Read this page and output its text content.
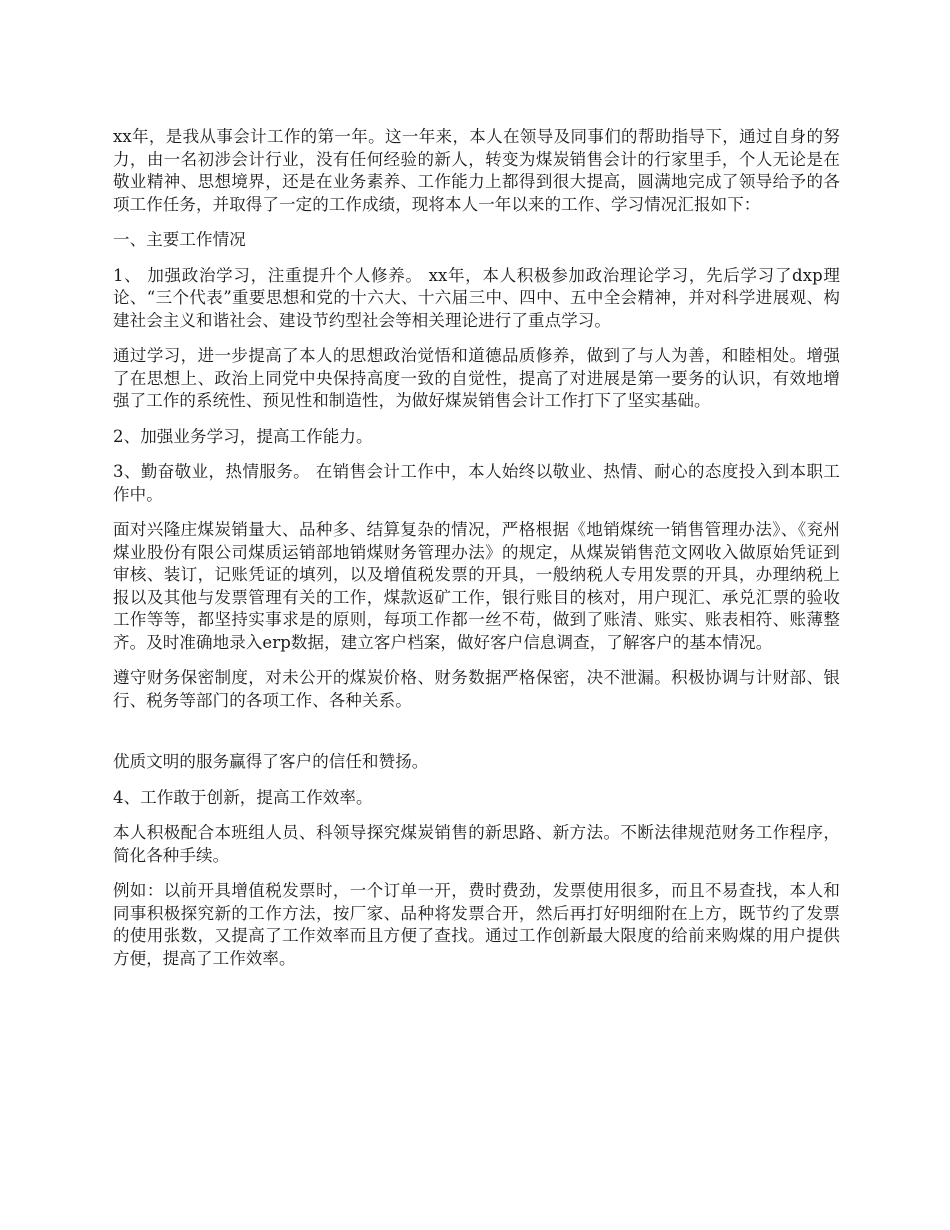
xx年，是我从事会计工作的第一年。这一年来，本人在领导及同事们的帮助指导下，通过自身的努力，由一名初涉会计行业，没有任何经验的新人，转变为煤炭销售会计的行家里手，个人无论是在敬业精神、思想境界，还是在业务素养、工作能力上都得到很大提高，圆满地完成了领导给予的各项工作任务，并取得了一定的工作成绩，现将本人一年以来的工作、学习情况汇报如下：

一、主要工作情况

1、 加强政治学习，注重提升个人修养。 xx年，本人积极参加政治理论学习，先后学习了dxp理论、“三个代表”重要思想和党的十六大、十六届三中、四中、五中全会精神，并对科学进展观、构建社会主义和谐社会、建设节约型社会等相关理论进行了重点学习。

通过学习，进一步提高了本人的思想政治觉悟和道德品质修养，做到了与人为善，和睦相处。增强了在思想上、政治上同党中央保持高度一致的自觉性，提高了对进展是第一要务的认识，有效地增强了工作的系统性、预见性和制造性，为做好煤炭销售会计工作打下了坚实基础。

2、加强业务学习，提高工作能力。

3、勤奋敬业，热情服务。 在销售会计工作中，本人始终以敬业、热情、耐心的态度投入到本职工作中。

面对兴隆庄煤炭销量大、品种多、结算复杂的情况，严格根据《地销煤统一销售管理办法》、《兖州煤业股份有限公司煤质运销部地销煤财务管理办法》的规定，从煤炭销售范文网收入做原始凭证到审核、装订，记账凭证的填列，以及增值税发票的开具，一般纳税人专用发票的开具，办理纳税上报以及其他与发票管理有关的工作，煤款返矿工作，银行账目的核对，用户现汇、承兑汇票的验收工作等等，都坚持实事求是的原则，每项工作都一丝不苟，做到了账清、账实、账表相符、账薄整齐。及时准确地录入erp数据，建立客户档案，做好客户信息调查，了解客户的基本情况。

遵守财务保密制度，对未公开的煤炭价格、财务数据严格保密，决不泄漏。积极协调与计财部、银行、税务等部门的各项工作、各种关系。

优质文明的服务赢得了客户的信任和赞扬。

4、工作敢于创新，提高工作效率。

本人积极配合本班组人员、科领导探究煤炭销售的新思路、新方法。不断法律规范财务工作程序，简化各种手续。

例如：以前开具增值税发票时，一个订单一开，费时费劲，发票使用很多，而且不易查找，本人和同事积极探究新的工作方法，按厂家、品种将发票合开，然后再打好明细附在上方，既节约了发票的使用张数，又提高了工作效率而且方便了查找。通过工作创新最大限度的给前来购煤的用户提供方便，提高了工作效率。
